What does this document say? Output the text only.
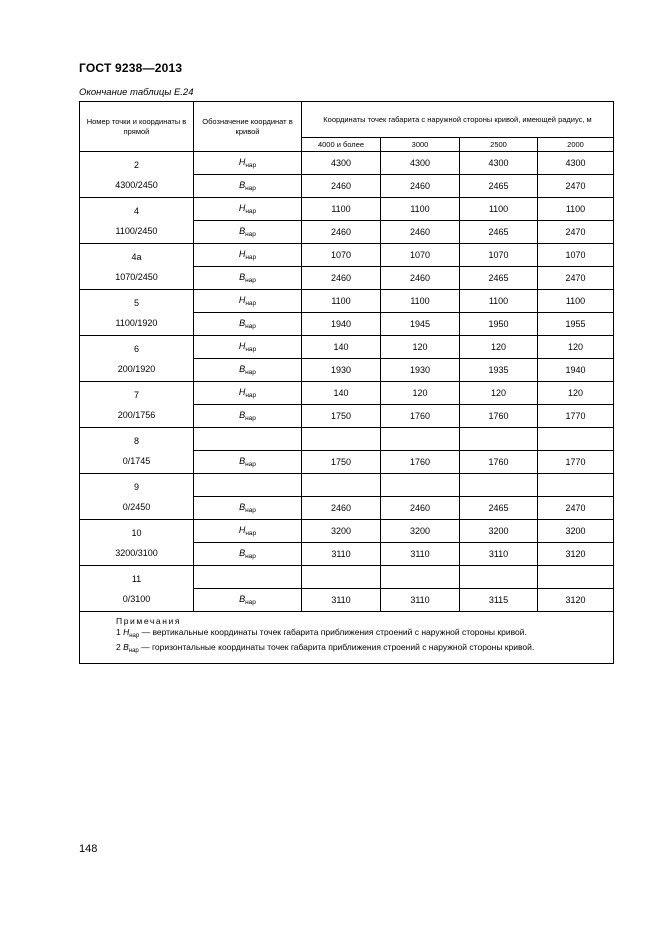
ГОСТ 9238—2013
Окончание таблицы Е.24
Номер точки и координаты в прямой	Обозначение координат в кривой	Координаты точек габарита с наружной стороны кривой, имеющей радиус, м			
		4000 и более	3000	2500	2000

2
4300/2450	$H_{нар}$	4300	4300	4300	4300
	$B_{нар}$	2460	2460	2465	2470

4
1100/2450	$H_{нар}$	1100	1100	1100	1100
	$B_{нар}$	2460	2460	2465	2470

4а
1070/2450	$H_{нар}$	1070	1070	1070	1070
	$B_{нар}$	2460	2460	2465	2470

5
1100/1920	$H_{нар}$	1100	1100	1100	1100
	$B_{нар}$	1940	1945	1950	1955

6
200/1920	$H_{нар}$	140	120	120	120
	$B_{нар}$	1930	1930	1935	1940

7
200/1756	$H_{нар}$	140	120	120	120
	$B_{нар}$	1750	1760	1760	1770

8
0/1745					

	$B_{нар}$	1750	1760	1760	1770

9
0/2450					

	$B_{нар}$	2460	2460	2465	2470

10
3200/3100	$H_{нар}$	3200	3200	3200	3200
	$B_{нар}$	3110	3110	3110	3120

11
0/3100					

	$B_{нар}$	3110	3110	3115	3120

Примечания
1 $H_{нар}$ — вертикальные координаты точек габарита приближения строений с наружной стороны кривой.
2 $B_{нар}$ — горизонтальные координаты точек габарита приближения строений с наружной стороны кривой.					
148
